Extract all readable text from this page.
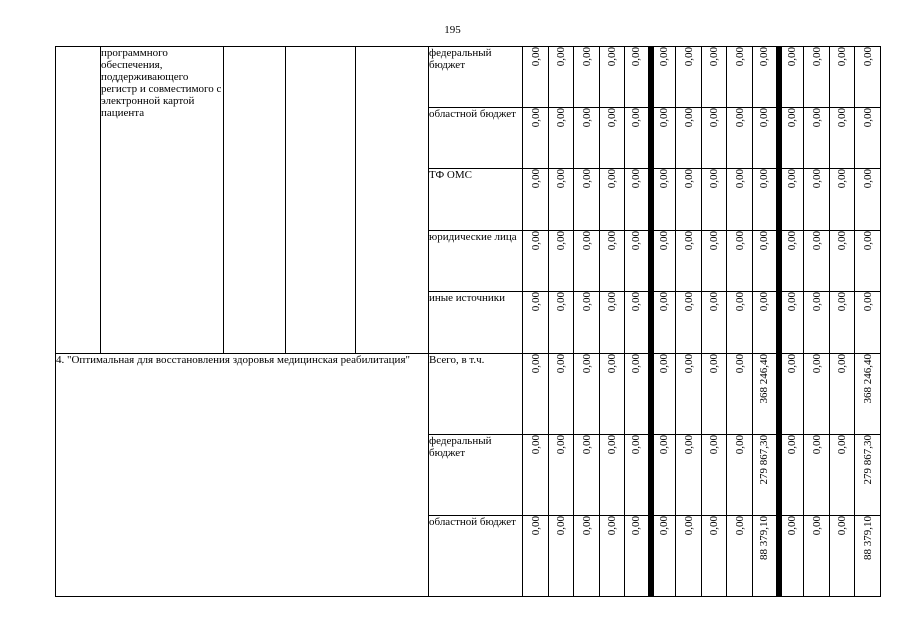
195
	программного обеспечения, поддерживающего регистр и совместимого с электронной картой пациента				федеральный бюджет	0,00	0,00	0,00	0,00	0,00	0,00	0,00	0,00	0,00	0,00	0,00	0,00	0,00	0,00

					областной бюджет	0,00	0,00	0,00	0,00	0,00	0,00	0,00	0,00	0,00	0,00	0,00	0,00	0,00	0,00

					ТФ ОМС	0,00	0,00	0,00	0,00	0,00	0,00	0,00	0,00	0,00	0,00	0,00	0,00	0,00	0,00

					юридические лица	0,00	0,00	0,00	0,00	0,00	0,00	0,00	0,00	0,00	0,00	0,00	0,00	0,00	0,00

					иные источники	0,00	0,00	0,00	0,00	0,00	0,00	0,00	0,00	0,00	0,00	0,00	0,00	0,00	0,00

4. "Оптимальная для восстановления здоровья медицинская реабилитация"					Всего, в т.ч.	0,00	0,00	0,00	0,00	0,00	0,00	0,00	0,00	0,00	368 246,40	0,00	0,00	0,00	368 246,40

					федеральный бюджет	0,00	0,00	0,00	0,00	0,00	0,00	0,00	0,00	0,00	279 867,30	0,00	0,00	0,00	279 867,30

					областной бюджет	0,00	0,00	0,00	0,00	0,00	0,00	0,00	0,00	0,00	88 379,10	0,00	0,00	0,00	88 379,10
